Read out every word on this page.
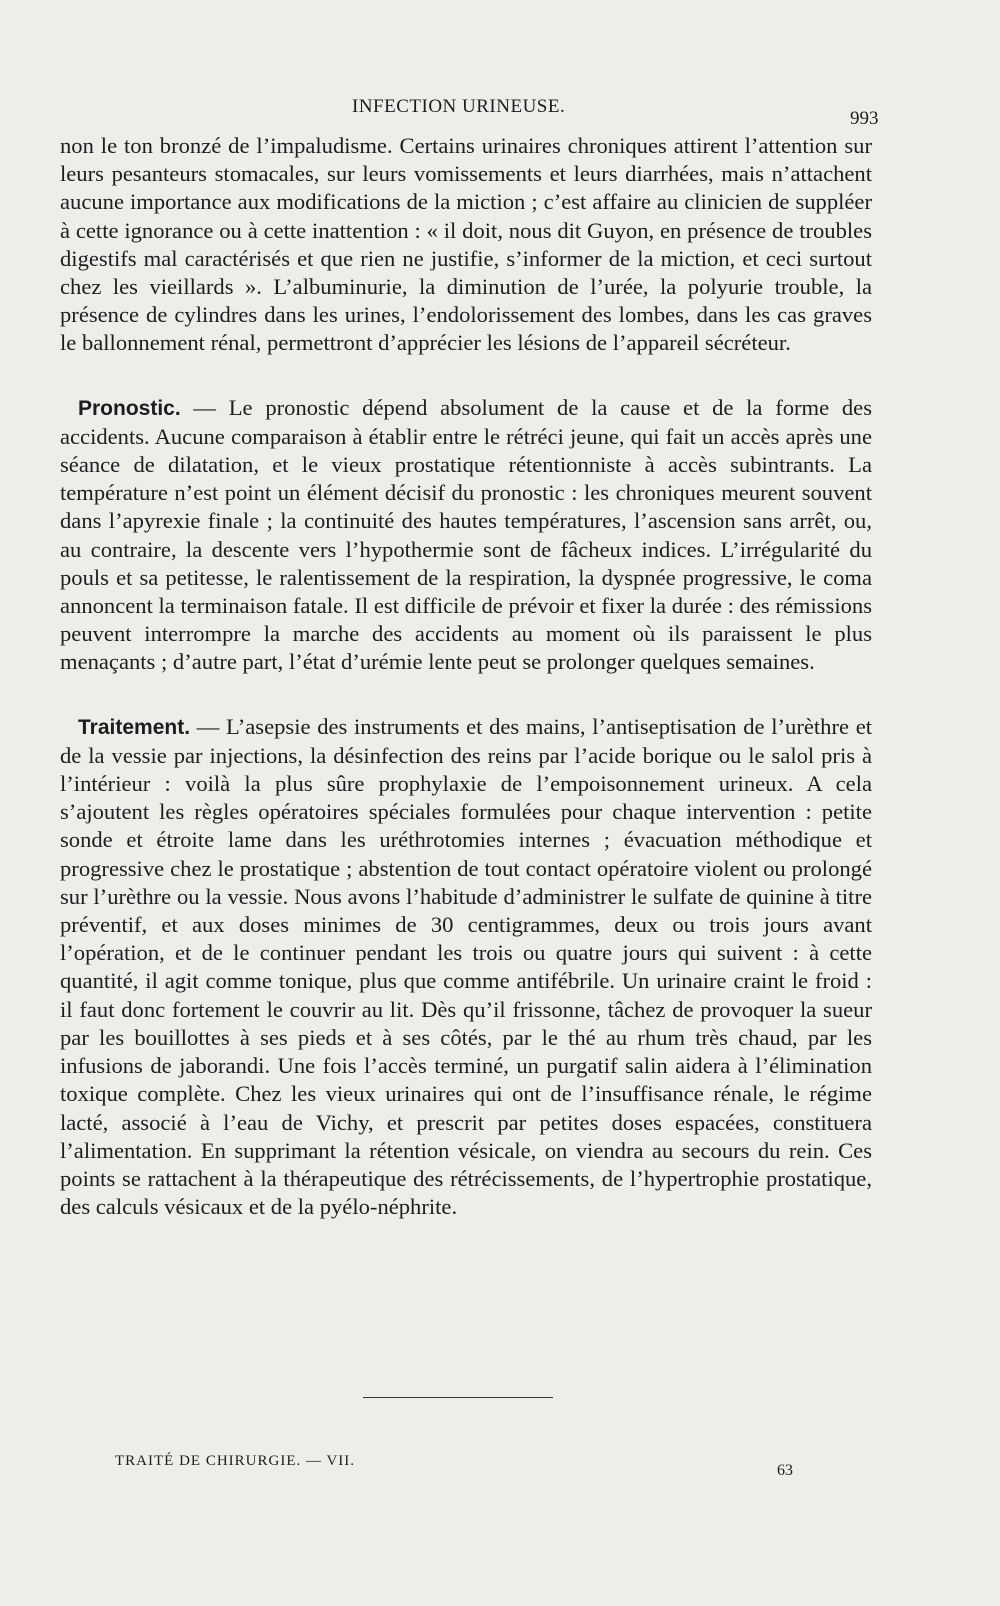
INFECTION URINEUSE.
993

non le ton bronzé de l’impaludisme. Certains urinaires chroniques attirent l’attention sur leurs pesanteurs stomacales, sur leurs vomissements et leurs diarrhées, mais n’attachent aucune importance aux modifications de la miction ; c’est affaire au clinicien de suppléer à cette ignorance ou à cette inattention : « il doit, nous dit Guyon, en présence de troubles digestifs mal caractérisés et que rien ne justifie, s’informer de la miction, et ceci surtout chez les vieillards ». L’albuminurie, la diminution de l’urée, la polyurie trouble, la présence de cylindres dans les urines, l’endolorissement des lombes, dans les cas graves le ballonnement rénal, permettront d’apprécier les lésions de l’appareil sécréteur.

Pronostic. — Le pronostic dépend absolument de la cause et de la forme des accidents. Aucune comparaison à établir entre le rétréci jeune, qui fait un accès après une séance de dilatation, et le vieux prostatique rétentionniste à accès subintrants. La température n’est point un élément décisif du pronostic : les chroniques meurent souvent dans l’apyrexie finale ; la continuité des hautes températures, l’ascension sans arrêt, ou, au contraire, la descente vers l’hypothermie sont de fâcheux indices. L’irrégularité du pouls et sa petitesse, le ralentissement de la respiration, la dyspnée progressive, le coma annoncent la terminaison fatale. Il est difficile de prévoir et fixer la durée : des rémissions peuvent interrompre la marche des accidents au moment où ils paraissent le plus menaçants ; d’autre part, l’état d’urémie lente peut se prolonger quelques semaines.

Traitement. — L’asepsie des instruments et des mains, l’antiseptisation de l’urèthre et de la vessie par injections, la désinfection des reins par l’acide borique ou le salol pris à l’intérieur : voilà la plus sûre prophylaxie de l’empoisonnement urineux. A cela s’ajoutent les règles opératoires spéciales formulées pour chaque intervention : petite sonde et étroite lame dans les uréthrotomies internes ; évacuation méthodique et progressive chez le prostatique ; abstention de tout contact opératoire violent ou prolongé sur l’urèthre ou la vessie. Nous avons l’habitude d’administrer le sulfate de quinine à titre préventif, et aux doses minimes de 30 centigrammes, deux ou trois jours avant l’opération, et de le continuer pendant les trois ou quatre jours qui suivent : à cette quantité, il agit comme tonique, plus que comme antifébrile. Un urinaire craint le froid : il faut donc fortement le couvrir au lit. Dès qu’il frissonne, tâchez de provoquer la sueur par les bouillottes à ses pieds et à ses côtés, par le thé au rhum très chaud, par les infusions de jaborandi. Une fois l’accès terminé, un purgatif salin aidera à l’élimination toxique complète. Chez les vieux urinaires qui ont de l’insuffisance rénale, le régime lacté, associé à l’eau de Vichy, et prescrit par petites doses espacées, constituera l’alimentation. En supprimant la rétention vésicale, on viendra au secours du rein. Ces points se rattachent à la thérapeutique des rétrécissements, de l’hypertrophie prostatique, des calculs vésicaux et de la pyélo-néphrite.

TRAITÉ DE CHIRURGIE. — VII.
63
